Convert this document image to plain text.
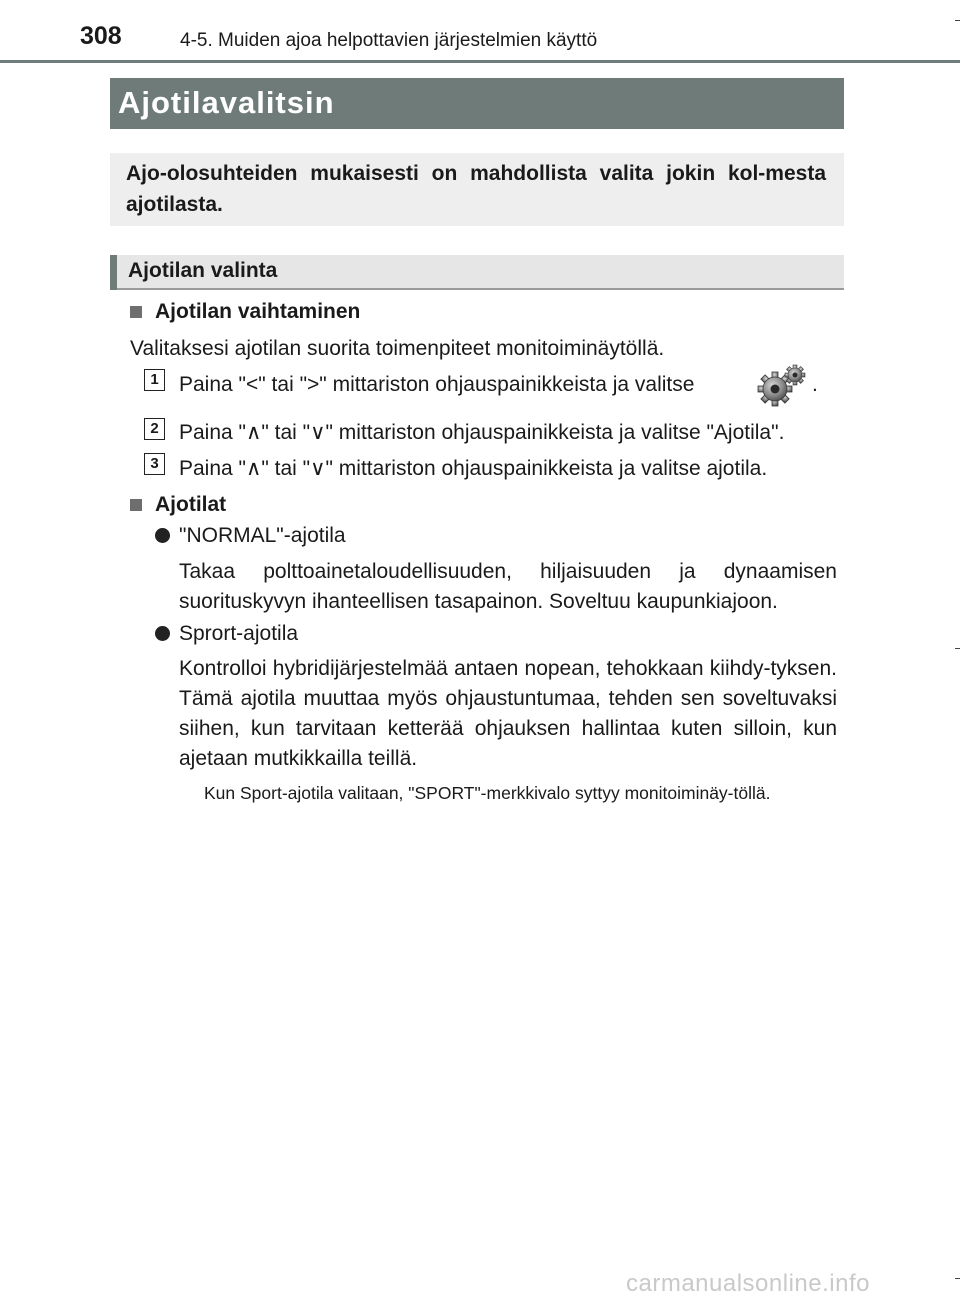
308	4-5. Muiden ajoa helpottavien järjestelmien käyttö
Ajotilavalitsin
Ajo-olosuhteiden mukaisesti on mahdollista valita jokin kol-mesta ajotilasta.
Ajotilan valinta
Ajotilan vaihtaminen
Valitaksesi ajotilan suorita toimenpiteet monitoiminäytöllä.
1 Paina "<" tai ">" mittariston ohjauspainikkeista ja valitse	.
2 Paina "∧" tai "∨" mittariston ohjauspainikkeista ja valitse "Ajotila".
3 Paina "∧" tai "∨" mittariston ohjauspainikkeista ja valitse ajotila.
Ajotilat
"NORMAL"-ajotila
Takaa polttoainetaloudellisuuden, hiljaisuuden ja dynaamisen suorituskyvyn ihanteellisen tasapainon. Soveltuu kaupunkiajoon.
Sprort-ajotila
Kontrolloi hybridijärjestelmää antaen nopean, tehokkaan kiihdy-tyksen. Tämä ajotila muuttaa myös ohjaustuntumaa, tehden sen soveltuvaksi siihen, kun tarvitaan ketterää ohjauksen hallintaa kuten silloin, kun ajetaan mutkikkailla teillä.
Kun Sport-ajotila valitaan, "SPORT"-merkkivalo syttyy monitoiminäy-töllä.
carmanualsonline.info
